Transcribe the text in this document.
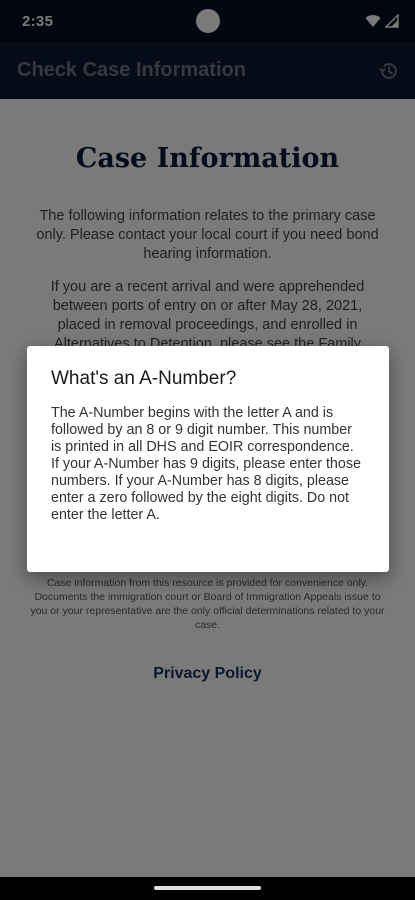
What's an A-Number?
The A-Number begins with the letter A and is followed by an 8 or 9 digit number. This number is printed in all DHS and EOIR correspondence. If your A-Number has 9 digits, please enter those numbers. If your A-Number has 8 digits, please enter a zero followed by the eight digits. Do not enter the letter A.
